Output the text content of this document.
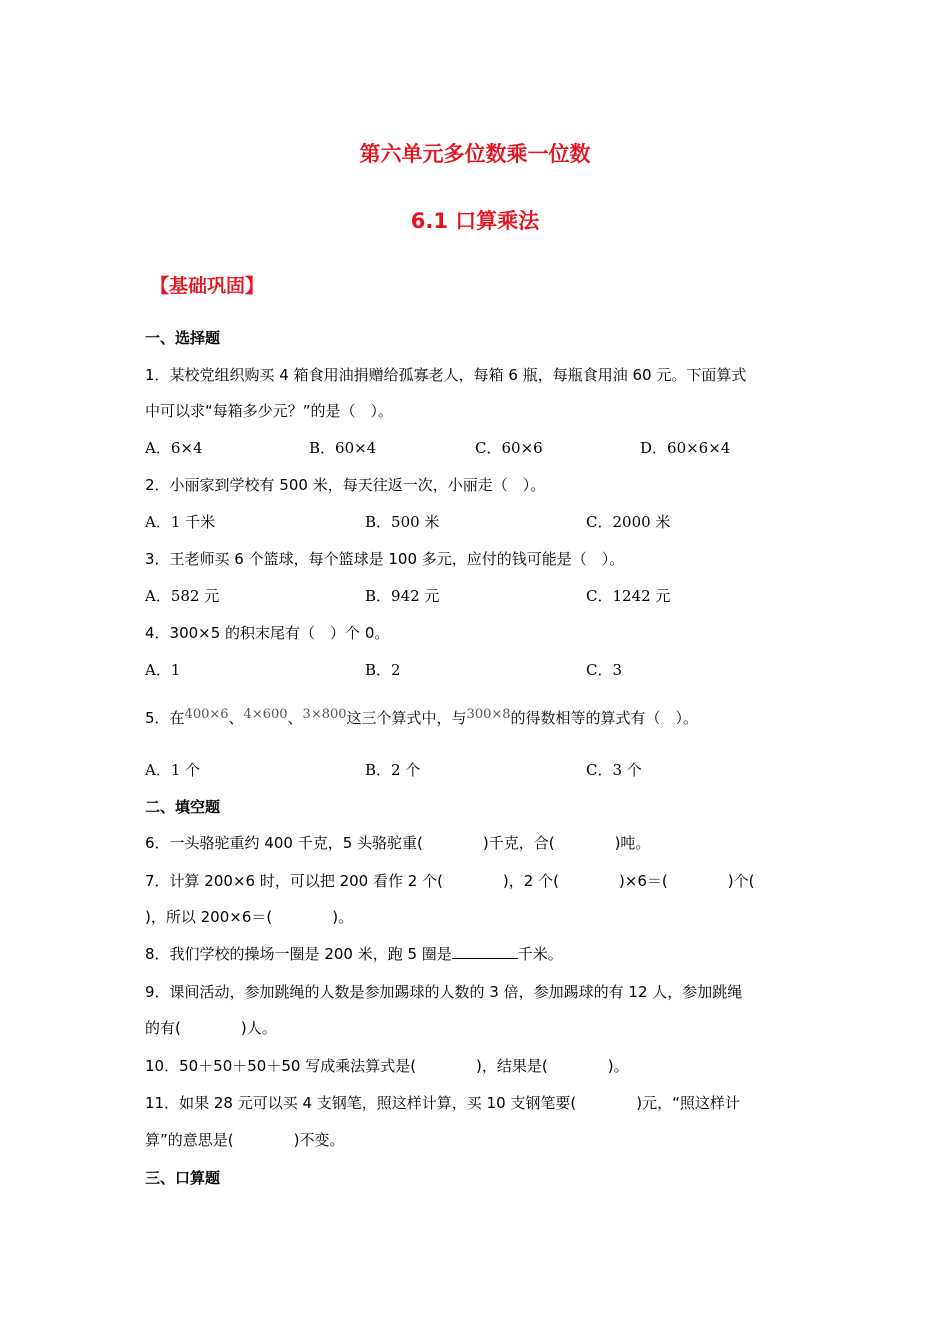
第六单元多位数乘一位数
6.1 口算乘法
【基础巩固】
一、选择题
1．某校党组织购买 4 箱食用油捐赠给孤寡老人，每箱 6 瓶，每瓶食用油 60 元。下面算式
中可以求“每箱多少元？”的是（　）。
A．6×4	B．60×4	C．60×6	D．60×6×4
2．小丽家到学校有 500 米，每天往返一次，小丽走（　）。
A．1 千米	B．500 米	C．2000 米
3．王老师买 6 个篮球，每个篮球是 100 多元，应付的钱可能是（　）。
A．582 元	B．942 元	C．1242 元
4．300×5 的积末尾有（　）个 0。
A．1	B．2	C．3
5．在400×6、4×600、3×800这三个算式中，与300×8的得数相等的算式有（　）。
A．1 个	B．2 个	C．3 个
二、填空题
6．一头骆驼重约 400 千克，5 头骆驼重(　　　　)千克，合(　　　　)吨。
7．计算 200×6 时，可以把 200 看作 2 个(　　　　)，2 个(　　　　)×6＝(　　　　)个(
)，所以 200×6＝(　　　　)。
8．我们学校的操场一圈是 200 米，跑 5 圈是	千米。
9．课间活动，参加跳绳的人数是参加踢球的人数的 3 倍，参加踢球的有 12 人，参加跳绳
的有(　　　　)人。
10．50＋50＋50＋50 写成乘法算式是(　　　　)，结果是(　　　　)。
11．如果 28 元可以买 4 支钢笔，照这样计算，买 10 支钢笔要(　　　　)元，“照这样计
算”的意思是(　　　　)不变。
三、口算题
